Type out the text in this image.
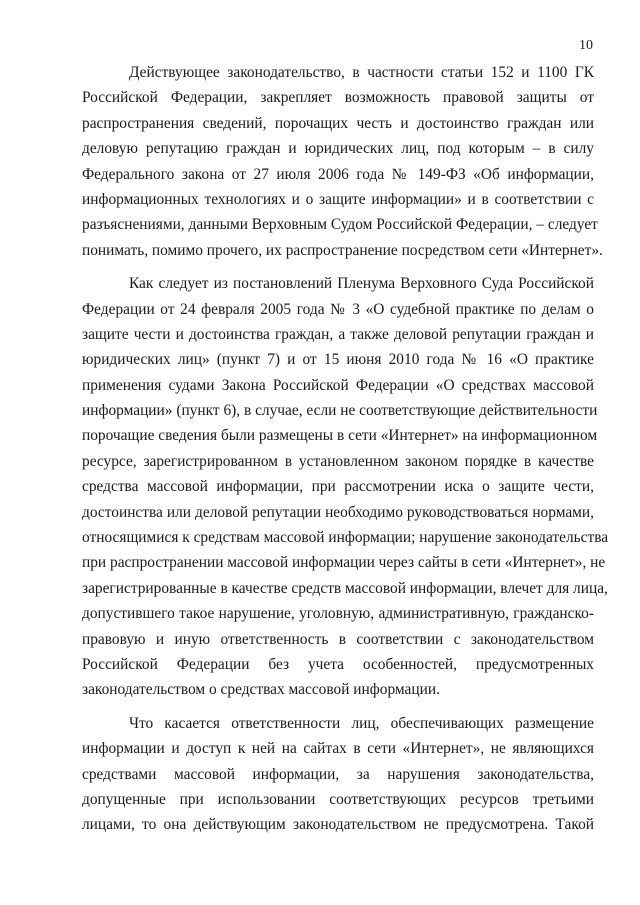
10
Действующее законодательство, в частности статьи 152 и 1100 ГК
Российской Федерации, закрепляет возможность правовой защиты от
распространения сведений, порочащих честь и достоинство граждан или
деловую репутацию граждан и юридических лиц, под которым – в силу
Федерального закона от 27 июля 2006 года № 149-ФЗ «Об информации,
информационных технологиях и о защите информации» и в соответствии с
разъяснениями, данными Верховным Судом Российской Федерации, – следует
понимать, помимо прочего, их распространение посредством сети «Интернет».
Как следует из постановлений Пленума Верховного Суда Российской
Федерации от 24 февраля 2005 года № 3 «О судебной практике по делам о
защите чести и достоинства граждан, а также деловой репутации граждан и
юридических лиц» (пункт 7) и от 15 июня 2010 года № 16 «О практике
применения судами Закона Российской Федерации «О средствах массовой
информации» (пункт 6), в случае, если не соответствующие действительности
порочащие сведения были размещены в сети «Интернет» на информационном
ресурсе, зарегистрированном в установленном законом порядке в качестве
средства массовой информации, при рассмотрении иска о защите чести,
достоинства или деловой репутации необходимо руководствоваться нормами,
относящимися к средствам массовой информации; нарушение законодательства
при распространении массовой информации через сайты в сети «Интернет», не
зарегистрированные в качестве средств массовой информации, влечет для лица,
допустившего такое нарушение, уголовную, административную, гражданско-
правовую и иную ответственность в соответствии с законодательством
Российской Федерации без учета особенностей, предусмотренных
законодательством о средствах массовой информации.
Что касается ответственности лиц, обеспечивающих размещение
информации и доступ к ней на сайтах в сети «Интернет», не являющихся
средствами массовой информации, за нарушения законодательства,
допущенные при использовании соответствующих ресурсов третьими
лицами, то она действующим законодательством не предусмотрена. Такой
